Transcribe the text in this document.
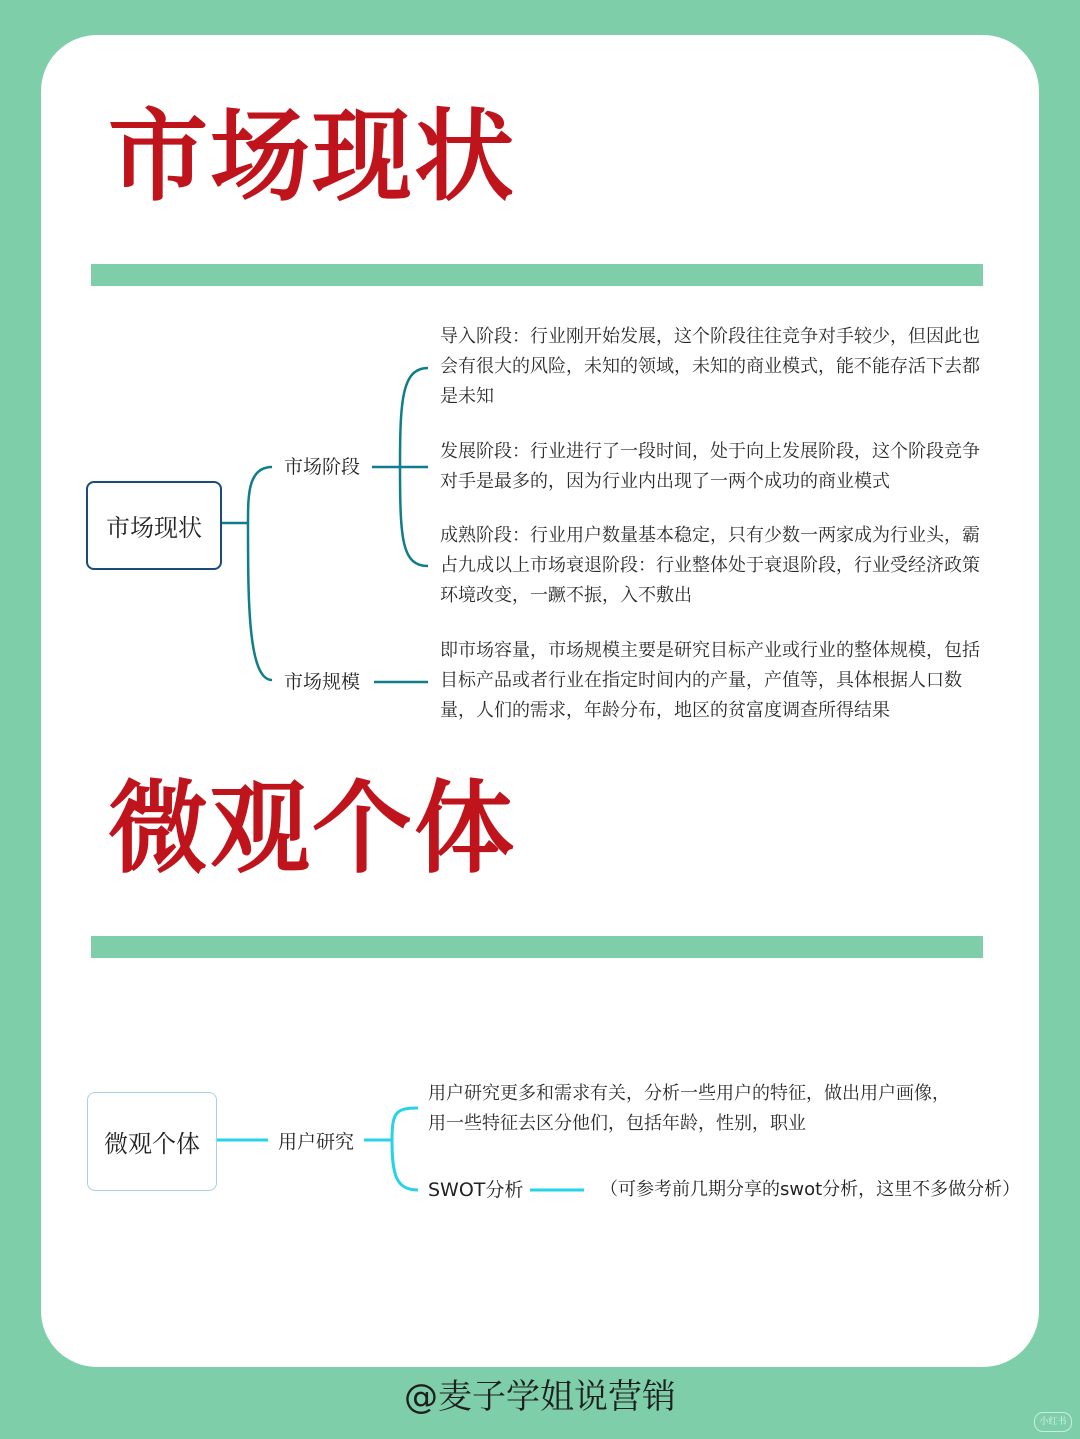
市场现状
市场现状
市场阶段
市场规模

导入阶段：行业刚开始发展，这个阶段往往竞争对手较少，但因此也会有很大的风险，未知的领域，未知的商业模式，能不能存活下去都是未知

发展阶段：行业进行了一段时间，处于向上发展阶段，这个阶段竞争对手是最多的，因为行业内出现了一两个成功的商业模式

成熟阶段：行业用户数量基本稳定，只有少数一两家成为行业头，霸占九成以上市场衰退阶段：行业整体处于衰退阶段，行业受经济政策环境改变，一蹶不振，入不敷出

即市场容量，市场规模主要是研究目标产业或行业的整体规模，包括目标产品或者行业在指定时间内的产量，产值等，具体根据人口数量，人们的需求，年龄分布，地区的贫富度调查所得结果

微观个体
微观个体	用户研究

用户研究更多和需求有关，分析一些用户的特征，做出用户画像，用一些特征去区分他们，包括年龄，性别，职业

SWOT分析	（可参考前几期分享的swot分析，这里不多做分析）
@麦子学姐说营销
小红书
